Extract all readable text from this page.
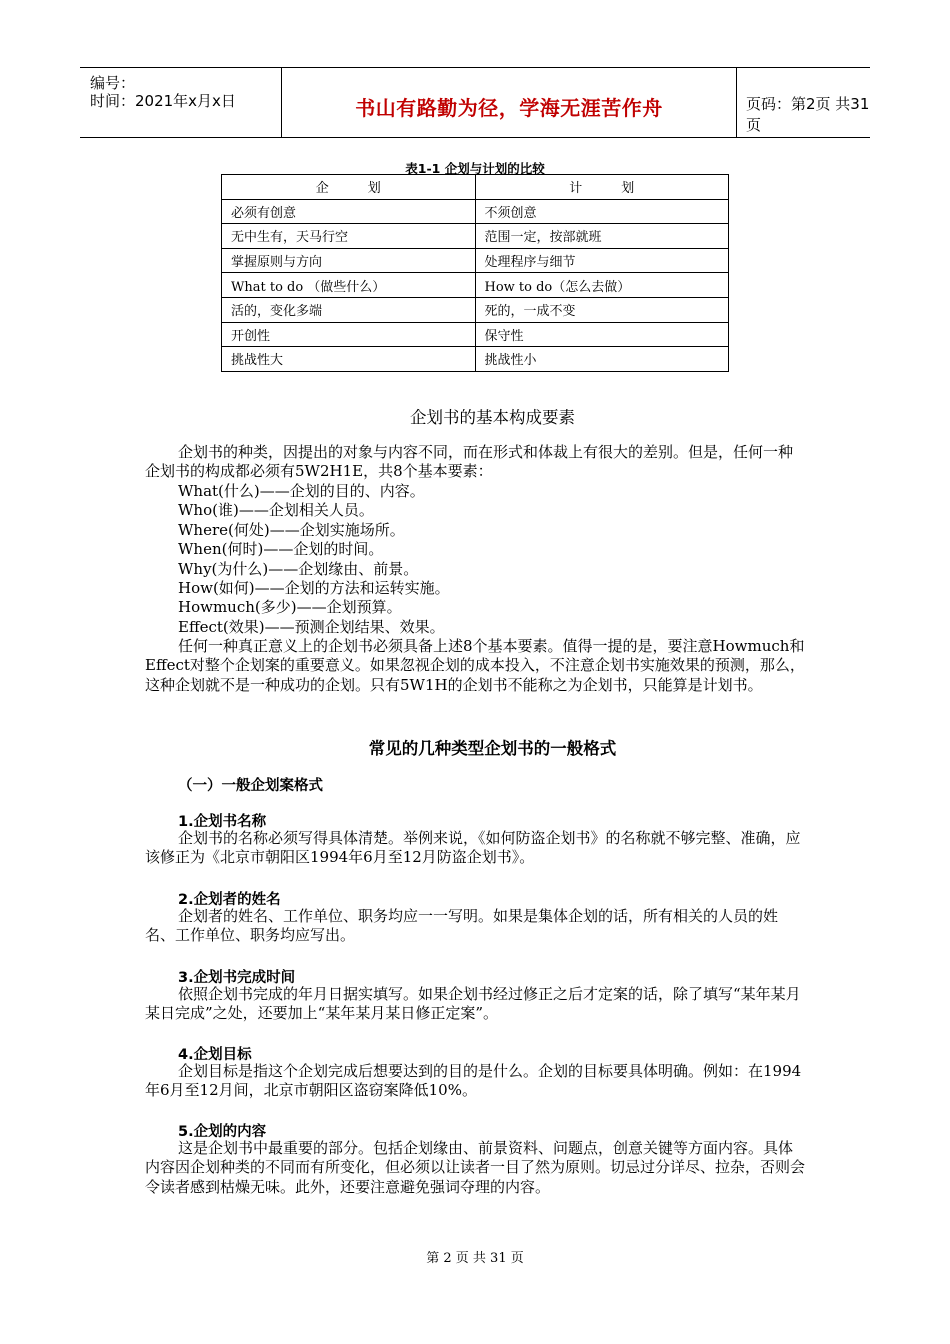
编号：
时间：2021年x月x日	书山有路勤为径，学海无涯苦作舟	页码：第2页 共31页
表1-1 企划与计划的比较
企　　　划	计　　　划
必须有创意	不须创意
无中生有，天马行空	范围一定，按部就班
掌握原则与方向	处理程序与细节
What to do （做些什么）	How to do（怎么去做）
活的，变化多端	死的，一成不变
开创性	保守性
挑战性大	挑战性小
企划书的基本构成要素
企划书的种类，因提出的对象与内容不同，而在形式和体裁上有很大的差别。但是，任何一种企划书的构成都必须有5W2H1E，共8个基本要素：
What(什么)——企划的目的、内容。
Who(谁)——企划相关人员。
Where(何处)——企划实施场所。
When(何时)——企划的时间。
Why(为什么)——企划缘由、前景。
How(如何)——企划的方法和运转实施。
Howmuch(多少)——企划预算。
Effect(效果)——预测企划结果、效果。
任何一种真正意义上的企划书必须具备上述8个基本要素。值得一提的是，要注意Howmuch和Effect对整个企划案的重要意义。如果忽视企划的成本投入，不注意企划书实施效果的预测，那么，这种企划就不是一种成功的企划。只有5W1H的企划书不能称之为企划书，只能算是计划书。
常见的几种类型企划书的一般格式
（一）一般企划案格式
1.企划书名称
企划书的名称必须写得具体清楚。举例来说，《如何防盗企划书》的名称就不够完整、准确，应该修正为《北京市朝阳区1994年6月至12月防盗企划书》。
2.企划者的姓名
企划者的姓名、工作单位、职务均应一一写明。如果是集体企划的话，所有相关的人员的姓名、工作单位、职务均应写出。
3.企划书完成时间
依照企划书完成的年月日据实填写。如果企划书经过修正之后才定案的话，除了填写“某年某月某日完成”之处，还要加上“某年某月某日修正定案”。
4.企划目标
企划目标是指这个企划完成后想要达到的目的是什么。企划的目标要具体明确。例如：在1994年6月至12月间，北京市朝阳区盗窃案降低10%。
5.企划的内容
这是企划书中最重要的部分。包括企划缘由、前景资料、问题点，创意关键等方面内容。具体内容因企划种类的不同而有所变化，但必须以让读者一目了然为原则。切忌过分详尽、拉杂，否则会令读者感到枯燥无味。此外，还要注意避免强词夺理的内容。
第 2 页 共 31 页
